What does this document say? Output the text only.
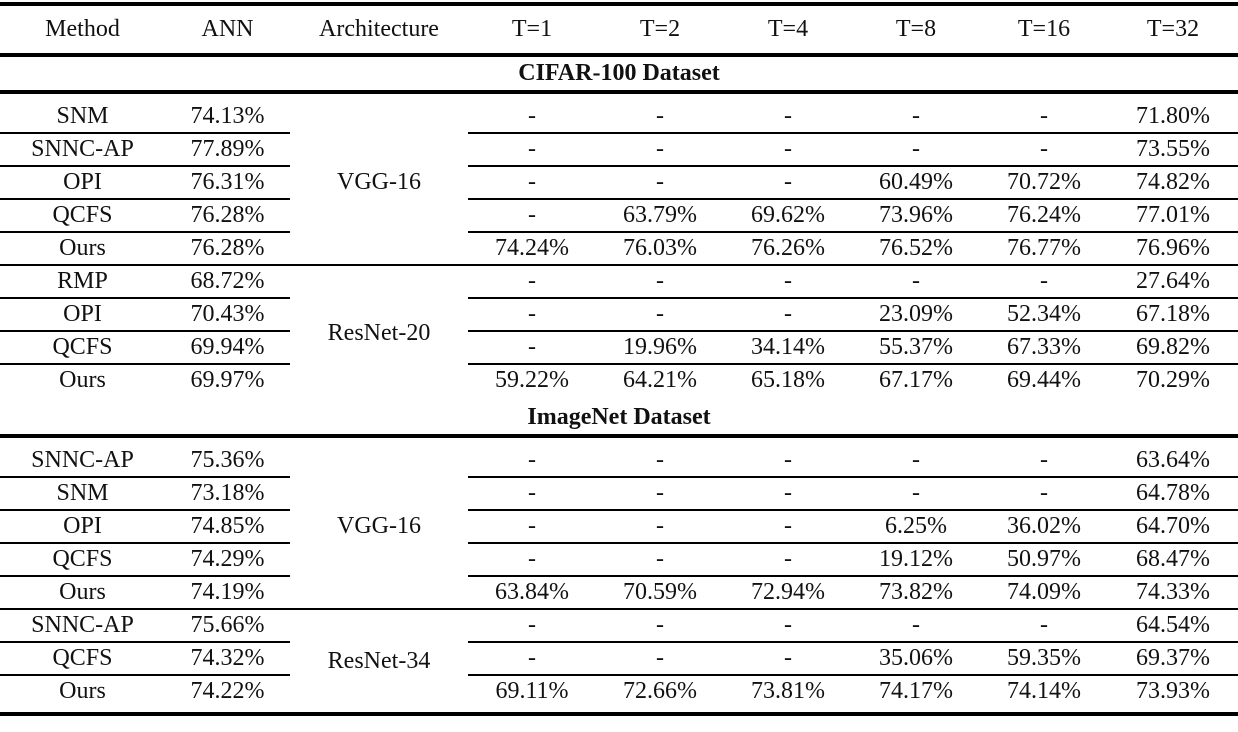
Method	ANN	Architecture	T=1	T=2	T=4	T=8	T=16	T=32
CIFAR-100 Dataset								
SNM	74.13%	VGG-16	-	-	-	-	-	71.80%
SNNC-AP	77.89%		-	-	-	-	-	73.55%
OPI	76.31%		-	-	-	60.49%	70.72%	74.82%
QCFS	76.28%		-	63.79%	69.62%	73.96%	76.24%	77.01%
Ours	76.28%		74.24%	76.03%	76.26%	76.52%	76.77%	76.96%
RMP	68.72%	ResNet-20	-	-	-	-	-	27.64%
OPI	70.43%		-	-	-	23.09%	52.34%	67.18%
QCFS	69.94%		-	19.96%	34.14%	55.37%	67.33%	69.82%
Ours	69.97%		59.22%	64.21%	65.18%	67.17%	69.44%	70.29%
ImageNet Dataset								
SNNC-AP	75.36%	VGG-16	-	-	-	-	-	63.64%
SNM	73.18%		-	-	-	-	-	64.78%
OPI	74.85%		-	-	-	6.25%	36.02%	64.70%
QCFS	74.29%		-	-	-	19.12%	50.97%	68.47%
Ours	74.19%		63.84%	70.59%	72.94%	73.82%	74.09%	74.33%
SNNC-AP	75.66%	ResNet-34	-	-	-	-	-	64.54%
QCFS	74.32%		-	-	-	35.06%	59.35%	69.37%
Ours	74.22%		69.11%	72.66%	73.81%	74.17%	74.14%	73.93%
